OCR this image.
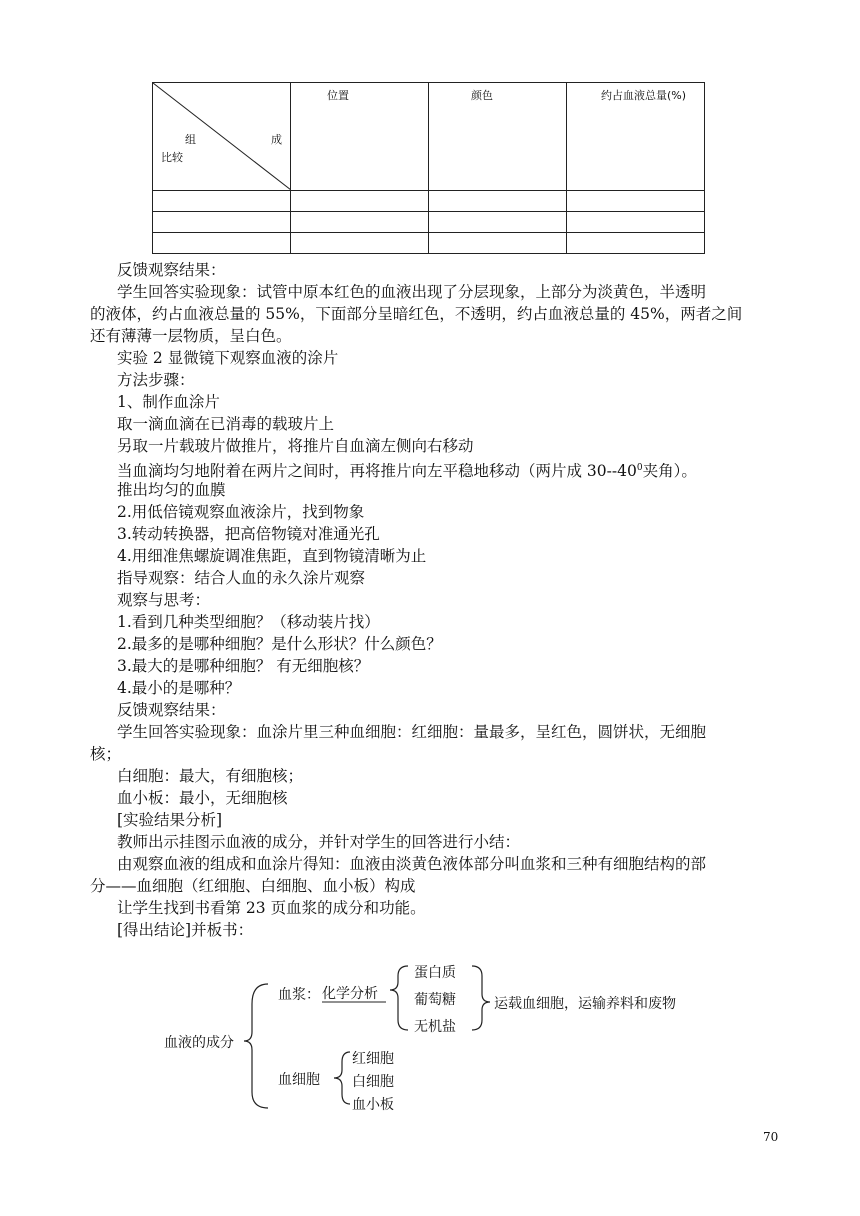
组 成
比较	位置	颜色	约占血液总量(%)

反馈观察结果：
学生回答实验现象：试管中原本红色的血液出现了分层现象，上部分为淡黄色，半透明
的液体，约占血液总量的 55%，下面部分呈暗红色，不透明，约占血液总量的 45%，两者之间
还有薄薄一层物质，呈白色。
实验 2 显微镜下观察血液的涂片
方法步骤：
1、制作血涂片
取一滴血滴在已消毒的载玻片上
另取一片载玻片做推片，将推片自血滴左侧向右移动
当血滴均匀地附着在两片之间时，再将推片向左平稳地移动（两片成 $30--40^0$夹角）。
推出均匀的血膜
2.用低倍镜观察血液涂片，找到物象
3.转动转换器，把高倍物镜对准通光孔
4.用细准焦螺旋调准焦距，直到物镜清晰为止
指导观察：结合人血的永久涂片观察
观察与思考：
1.看到几种类型细胞？（移动装片找）
2.最多的是哪种细胞？是什么形状？什么颜色？
3.最大的是哪种细胞？ 有无细胞核？
4.最小的是哪种？
反馈观察结果：
学生回答实验现象：血涂片里三种血细胞：红细胞：量最多，呈红色，圆饼状，无细胞
核；
白细胞：最大，有细胞核；
血小板：最小，无细胞核
[实验结果分析]
教师出示挂图示血液的成分，并针对学生的回答进行小结：
由观察血液的组成和血涂片得知：血液由淡黄色液体部分叫血浆和三种有细胞结构的部
分——血细胞（红细胞、白细胞、血小板）构成
让学生找到书看第 23 页血浆的成分和功能。
[得出结论]并板书：
血液的成分
血浆： 化学分析
蛋白质
葡萄糖
无机盐
运载血细胞，运输养料和废物
血细胞
红细胞
白细胞
血小板
70
